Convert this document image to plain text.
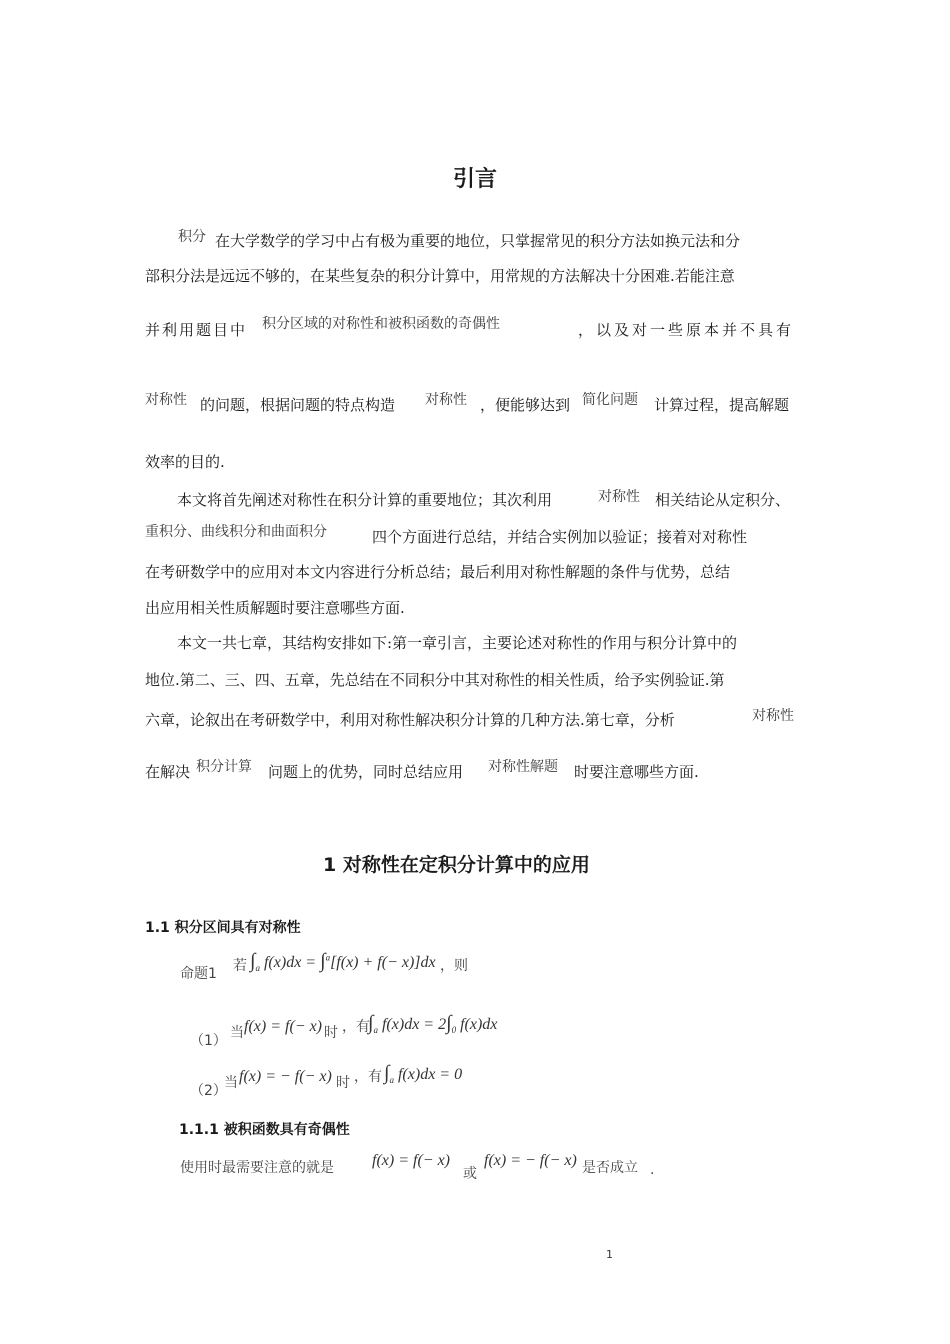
引言
积分 在大学数学的学习中占有极为重要的地位，只掌握常见的积分方法如换元法和分
部积分法是远远不够的，在某些复杂的积分计算中，用常规的方法解决十分困难.若能注意
并利用题目中 积分区域的对称性和被积函数的奇偶性	，以及对一些原本并不具有
对称性 的问题，根据问题的特点构造 对称性 ，便能够达到 简化问题 计算过程，提高解题
效率的目的.
本文将首先阐述对称性在积分计算的重要地位；其次利用	对称性 相关结论从定积分、
重积分、曲线积分和曲面积分	四个方面进行总结，并结合实例加以验证；接着对对称性
在考研数学中的应用对本文内容进行分析总结；最后利用对称性解题的条件与优势，总结
出应用相关性质解题时要注意哪些方面.
本文一共七章，其结构安排如下:第一章引言，主要论述对称性的作用与积分计算中的
地位.第二、三、四、五章，先总结在不同积分中其对称性的相关性质，给予实例验证.第
六章，论叙出在考研数学中，利用对称性解决积分计算的几种方法.第七章，分析	对称性
在解决 积分计算 问题上的优势，同时总结应用 对称性解题 时要注意哪些方面.
1 对称性在定积分计算中的应用
1.1 积分区间具有对称性
命题1 若 $\int_a$ f(x)dx = ∫$^a$[f(x) + f(− x)]dx ，则
（1） 当 f(x) = f(− x) 时 ，有
$\int_a$ $f(x)dx = 2\int_0$ f(x)dx
（2）
当 f(x) = − f(− x) 时 ，有 $\int_a$ f(x)dx = 0
1.1.1 被积函数具有奇偶性
使用时最需要注意的就是 f(x) = f(− x)
或
f(x) = − f(− x) 是否成立 .
1
